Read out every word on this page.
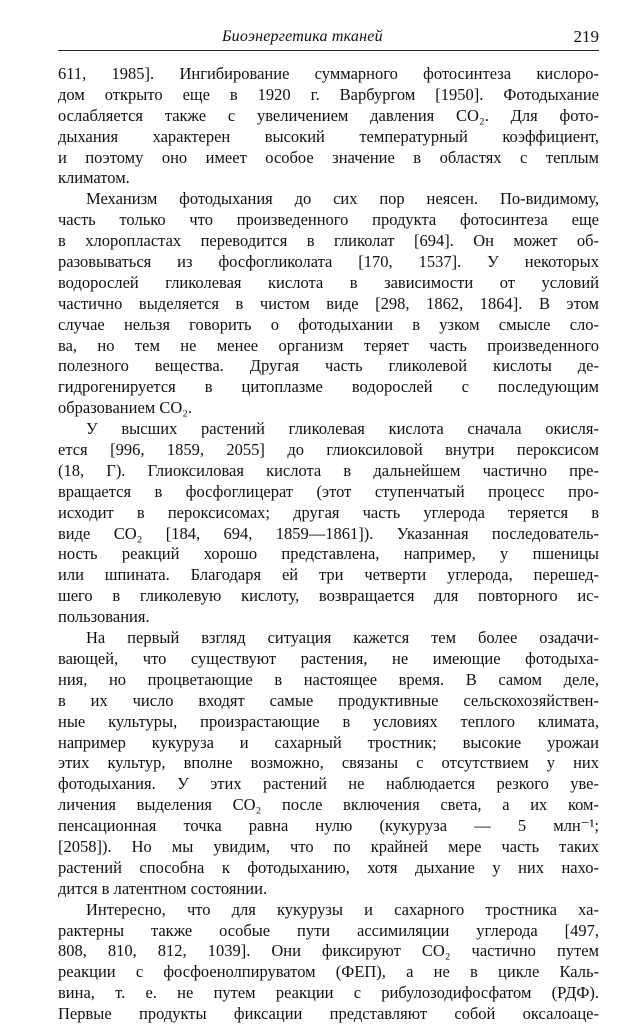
Биоэнергетика тканей	219
611, 1985]. Ингибирование суммарного фотосинтеза кислоро-
дом открыто еще в 1920 г. Варбургом [1950]. Фотодыхание
ослабляется также с увеличением давления CO₂. Для фото-
дыхания характерен высокий температурный коэффициент,
и поэтому оно имеет особое значение в областях с теплым
климатом.
Механизм фотодыхания до сих пор неясен. По-видимому,
часть только что произведенного продукта фотосинтеза еще
в хлоропластах переводится в гликолат [694]. Он может об-
разовываться из фосфогликолата [170, 1537]. У некоторых
водорослей гликолевая кислота в зависимости от условий
частично выделяется в чистом виде [298, 1862, 1864]. В этом
случае нельзя говорить о фотодыхании в узком смысле сло-
ва, но тем не менее организм теряет часть произведенного
полезного вещества. Другая часть гликолевой кислоты де-
гидрогенируется в цитоплазме водорослей с последующим
образованием CO₂.
У высших растений гликолевая кислота сначала окисля-
ется [996, 1859, 2055] до глиоксиловой внутри пероксисом
(18, Г). Глиоксиловая кислота в дальнейшем частично пре-
вращается в фосфоглицерат (этот ступенчатый процесс про-
исходит в пероксисомах; другая часть углерода теряется в
виде CO₂ [184, 694, 1859—1861]). Указанная последователь-
ность реакций хорошо представлена, например, у пшеницы
или шпината. Благодаря ей три четверти углерода, перешед-
шего в гликолевую кислоту, возвращается для повторного ис-
пользования.
На первый взгляд ситуация кажется тем более озадачи-
вающей, что существуют растения, не имеющие фотодыха-
ния, но процветающие в настоящее время. В самом деле,
в их число входят самые продуктивные сельскохозяйствен-
ные культуры, произрастающие в условиях теплого климата,
например кукуруза и сахарный тростник; высокие урожаи
этих культур, вполне возможно, связаны с отсутствием у них
фотодыхания. У этих растений не наблюдается резкого уве-
личения выделения CO₂ после включения света, а их ком-
пенсационная точка равна нулю (кукуруза — 5 млн⁻¹;
[2058]). Но мы увидим, что по крайней мере часть таких
растений способна к фотодыханию, хотя дыхание у них нахо-
дится в латентном состоянии.
Интересно, что для кукурузы и сахарного тростника ха-
рактерны также особые пути ассимиляции углерода [497,
808, 810, 812, 1039]. Они фиксируют CO₂ частично путем
реакции с фосфоенолпируватом (ФЕП), а не в цикле Каль-
вина, т. е. не путем реакции с рибулозодифосфатом (РДФ).
Первые продукты фиксации представляют собой оксалоаце-
